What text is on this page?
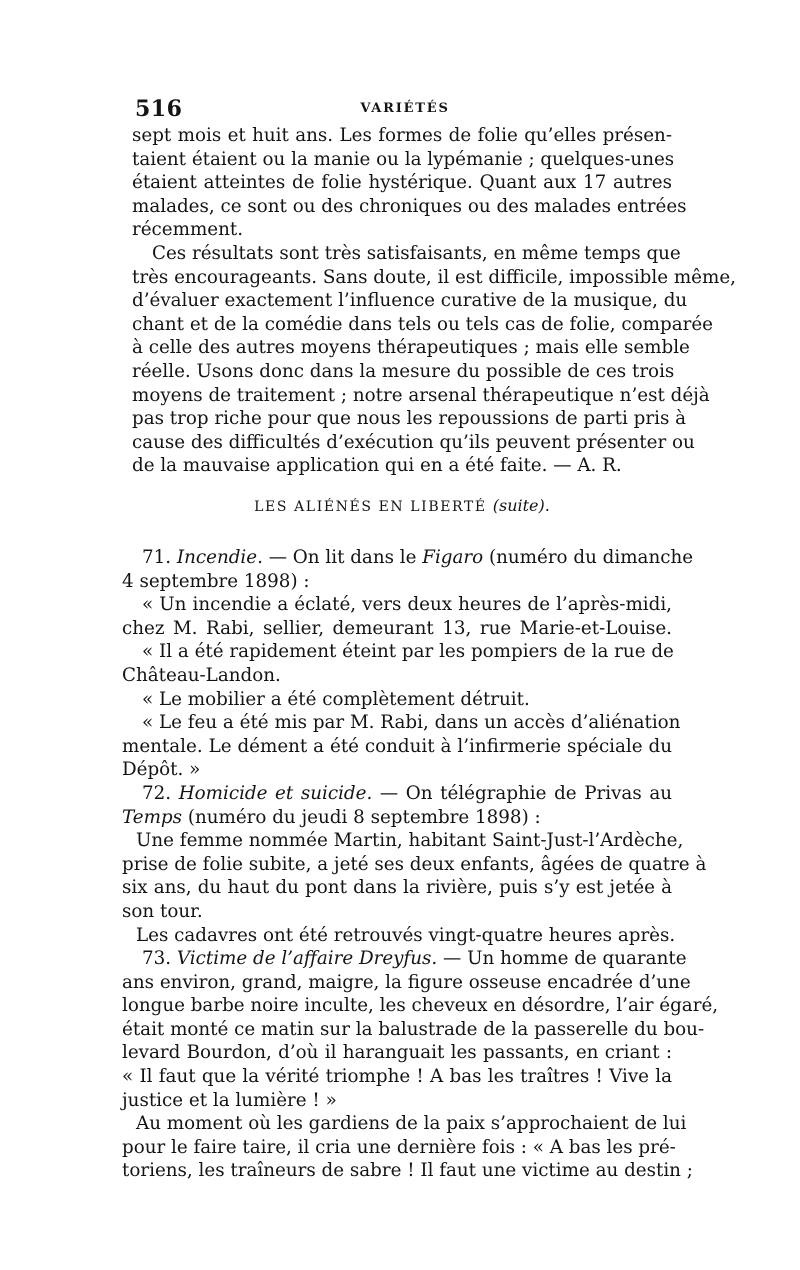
516	VARIÉTÉS
sept mois et huit ans. Les formes de folie qu’elles présen-
taient étaient ou la manie ou la lypémanie ; quelques-unes
étaient atteintes de folie hystérique. Quant aux 17 autres
malades, ce sont ou des chroniques ou des malades entrées
récemment.
Ces résultats sont très satisfaisants, en même temps que
très encourageants. Sans doute, il est difficile, impossible même,
d’évaluer exactement l’influence curative de la musique, du
chant et de la comédie dans tels ou tels cas de folie, comparée
à celle des autres moyens thérapeutiques ; mais elle semble
réelle. Usons donc dans la mesure du possible de ces trois
moyens de traitement ; notre arsenal thérapeutique n’est déjà
pas trop riche pour que nous les repoussions de parti pris à
cause des difficultés d’exécution qu’ils peuvent présenter ou
de la mauvaise application qui en a été faite. — A. R.
LES ALIÉNÉS EN LIBERTÉ (suite).
71. Incendie. — On lit dans le Figaro (numéro du dimanche
4 septembre 1898) :
« Un incendie a éclaté, vers deux heures de l’après-midi,
chez M. Rabi, sellier, demeurant 13, rue Marie-et-Louise.
« Il a été rapidement éteint par les pompiers de la rue de
Château-Landon.
« Le mobilier a été complètement détruit.
« Le feu a été mis par M. Rabi, dans un accès d’aliénation
mentale. Le dément a été conduit à l’infirmerie spéciale du
Dépôt. »
72. Homicide et suicide. — On télégraphie de Privas au
Temps (numéro du jeudi 8 septembre 1898) :
Une femme nommée Martin, habitant Saint-Just-l’Ardèche,
prise de folie subite, a jeté ses deux enfants, âgées de quatre à
six ans, du haut du pont dans la rivière, puis s’y est jetée à
son tour.
Les cadavres ont été retrouvés vingt-quatre heures après.
73. Victime de l’affaire Dreyfus. — Un homme de quarante
ans environ, grand, maigre, la figure osseuse encadrée d’une
longue barbe noire inculte, les cheveux en désordre, l’air égaré,
était monté ce matin sur la balustrade de la passerelle du bou-
levard Bourdon, d’où il haranguait les passants, en criant :
« Il faut que la vérité triomphe ! A bas les traîtres ! Vive la
justice et la lumière ! »
Au moment où les gardiens de la paix s’approchaient de lui
pour le faire taire, il cria une dernière fois : « A bas les pré-
toriens, les traîneurs de sabre ! Il faut une victime au destin ;
